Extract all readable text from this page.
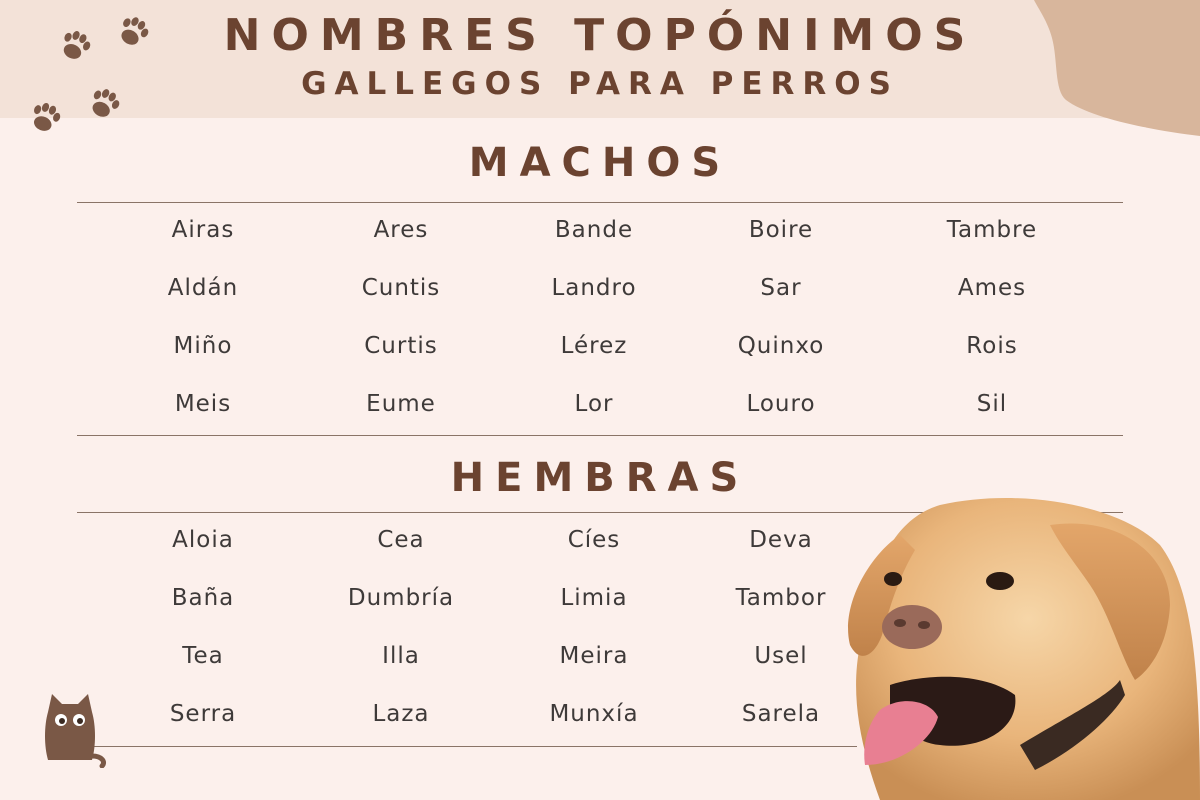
NOMBRES TOPÓNIMOS
GALLEGOS PARA PERROS
MACHOS
Airas	Ares	Bande	Boire	Tambre
Aldán	Cuntis	Landro	Sar	Ames
Miño	Curtis	Lérez	Quinxo	Rois
Meis	Eume	Lor	Louro	Sil
HEMBRAS
Aloia	Cea	Cíes	Deva
Baña	Dumbría	Limia	Tambor
Tea	Illa	Meira	Usel
Serra	Laza	Munxía	Sarela
